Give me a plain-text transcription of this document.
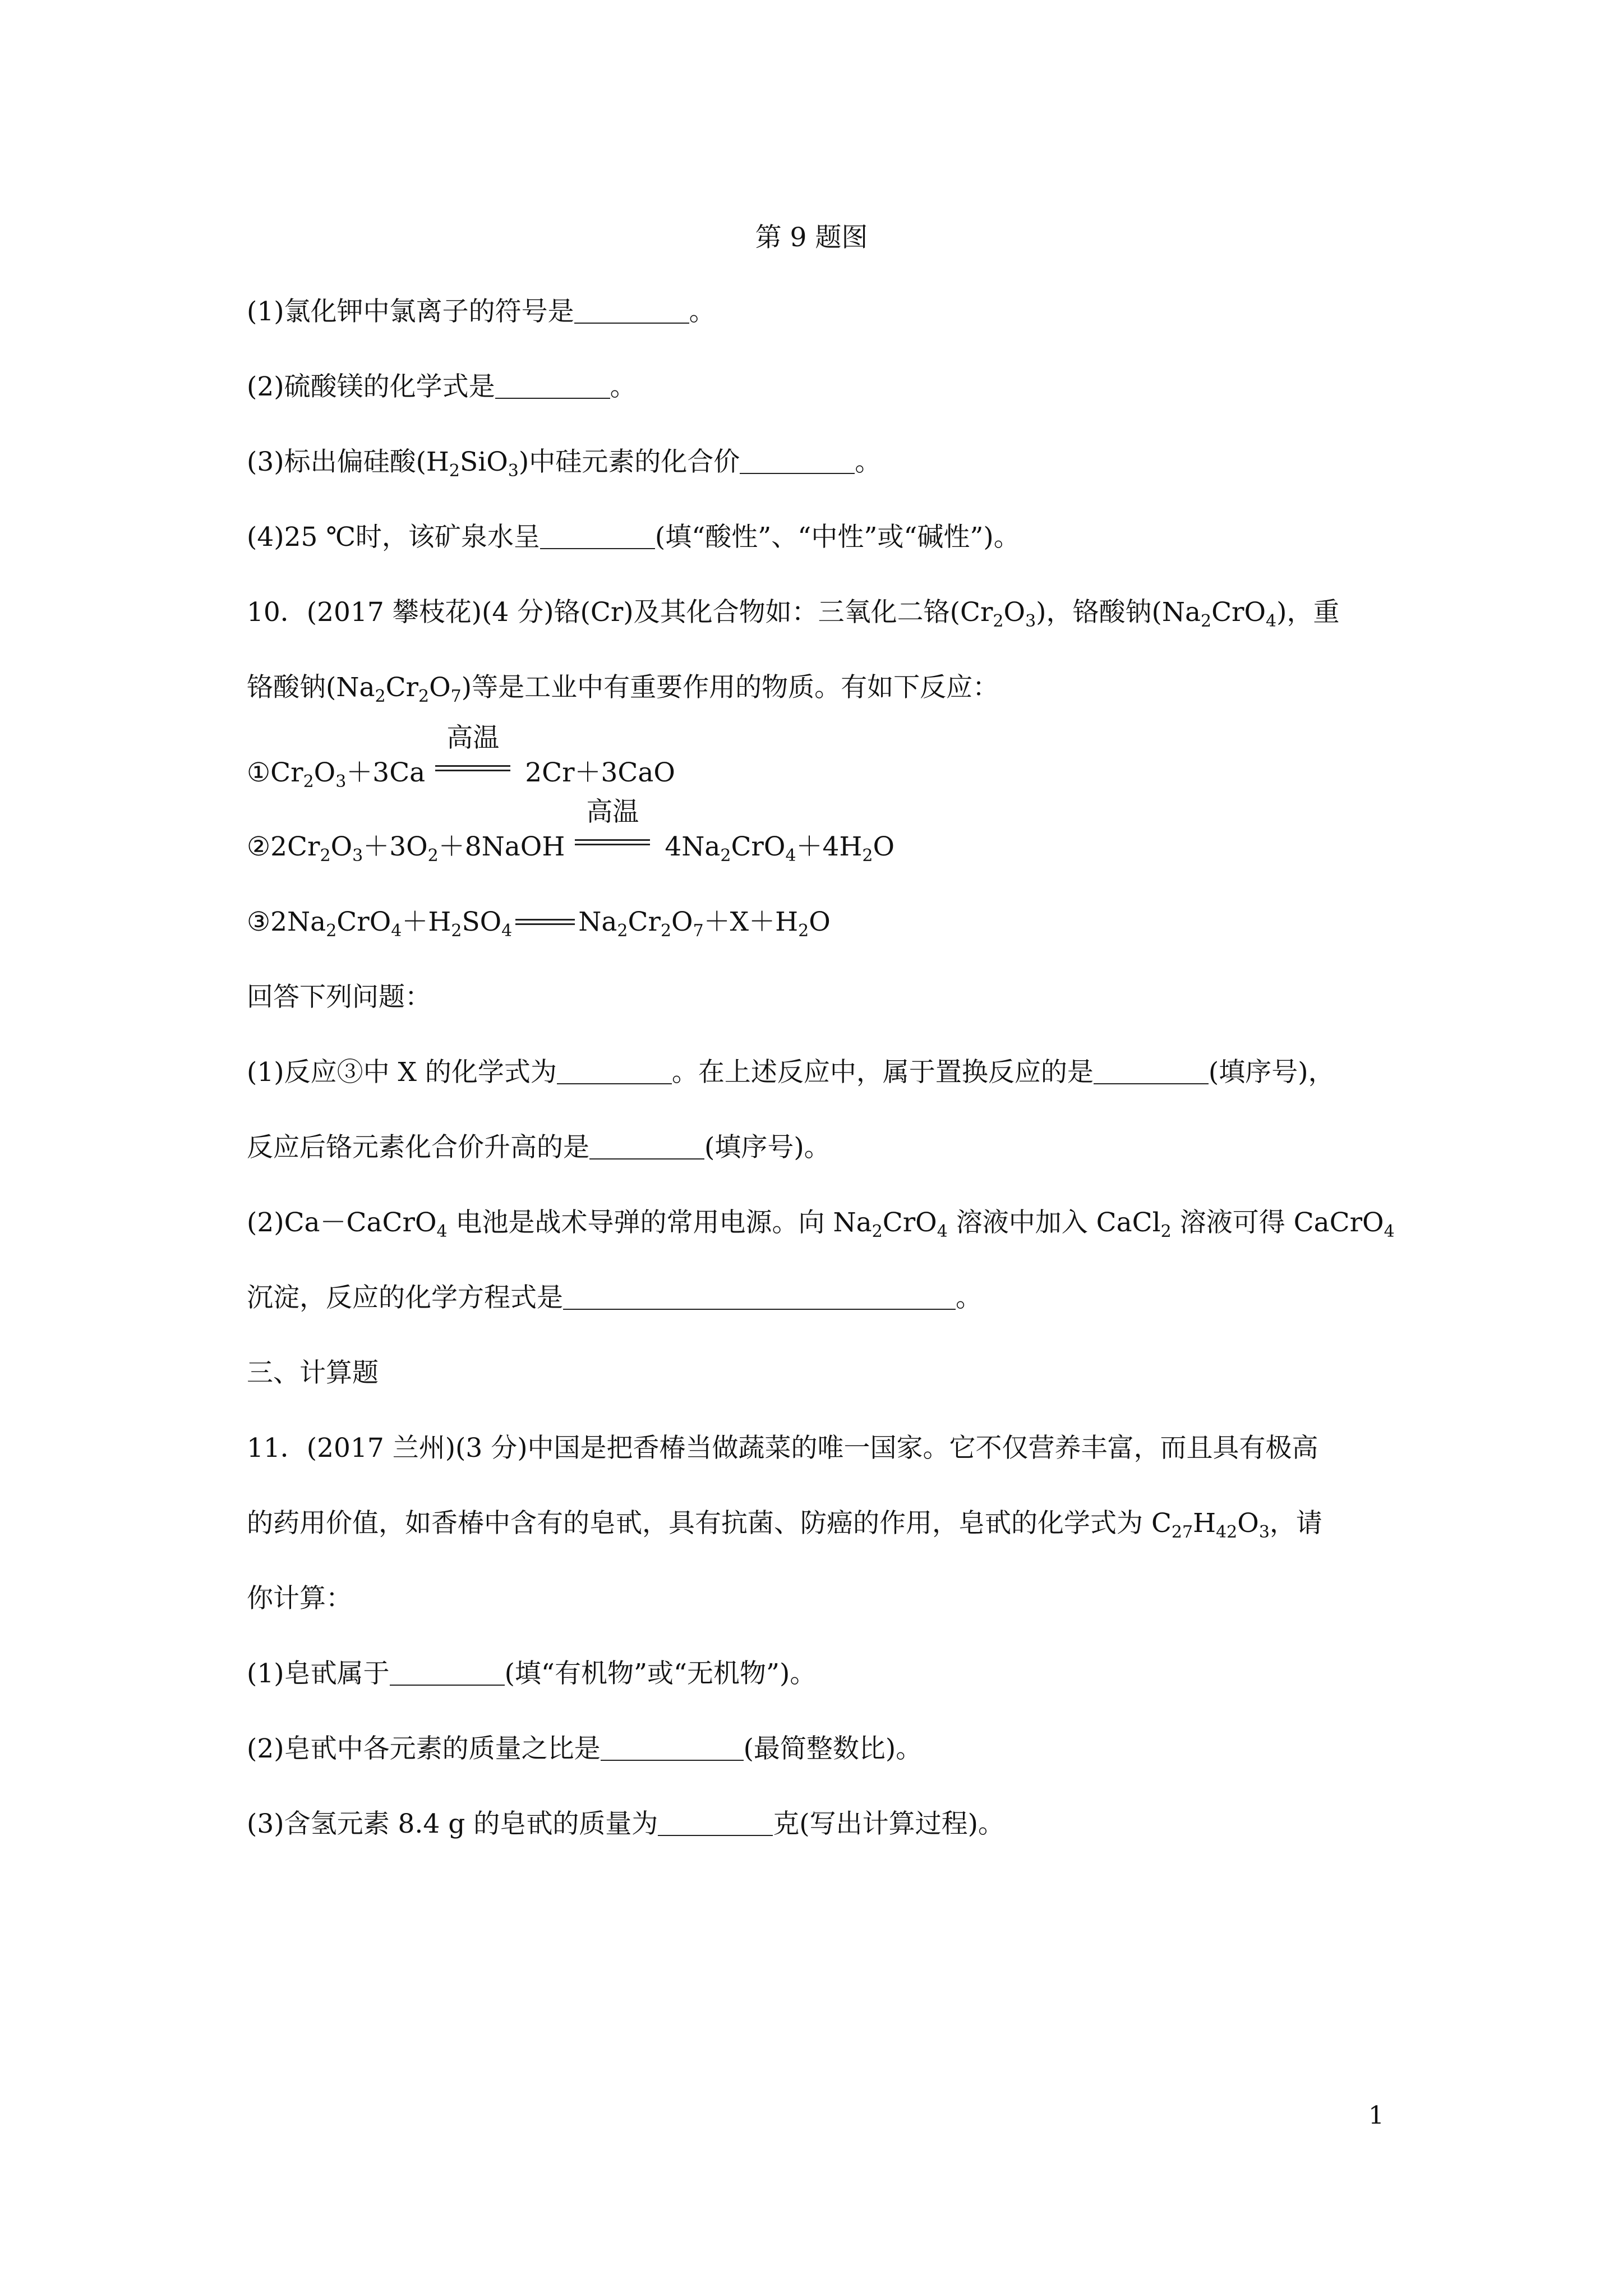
第 9 题图
(1)氯化钾中氯离子的符号是	。
(2)硫酸镁的化学式是	。
(3)标出偏硅酸$(H_2SiO_3)$中硅元素的化合价	。
(4)25 ℃时，该矿泉水呈	(填“酸性”、“中性”或“碱性”)。
10．(2017 攀枝花)(4 分)铬(Cr)及其化合物如：三氧化二铬$(Cr_2O_3)$，铬酸钠$(Na_2CrO_4)$，重
铬酸钠$(Na_2Cr_2O_7)$等是工业中有重要作用的物质。有如下反应：
$①Cr_2O_3+3Ca$
高温
2Cr＋3CaO
$②2Cr_2O_3+3O_2+8NaOH$
高温
$4Na_2CrO_4+4H_2O$
$③2Na_2CrO_4+H_2SO_4$	$Na_2Cr_2O_7+X+H_2O$
回答下列问题：
(1)反应③中 X 的化学式为	。在上述反应中，属于置换反应的是	(填序号)，
反应后铬元素化合价升高的是	(填序号)。
(2)Ca－CaCrO$_4$ 电池是战术导弹的常用电源。向 $Na_2CrO_4$ 溶液中加入 CaCl$_2$ 溶液可得 CaCrO$_4$
沉淀，反应的化学方程式是	。
三、计算题
11．(2017 兰州)(3 分)中国是把香椿当做蔬菜的唯一国家。它不仅营养丰富，而且具有极高
的药用价值，如香椿中含有的皂甙，具有抗菌、防癌的作用，皂甙的化学式为 $C_{27}H_{42}O_3$，请
你计算：
(1)皂甙属于	(填“有机物”或“无机物”)。
(2)皂甙中各元素的质量之比是	(最简整数比)。
(3)含氢元素 8.4 g 的皂甙的质量为	克(写出计算过程)。
1
